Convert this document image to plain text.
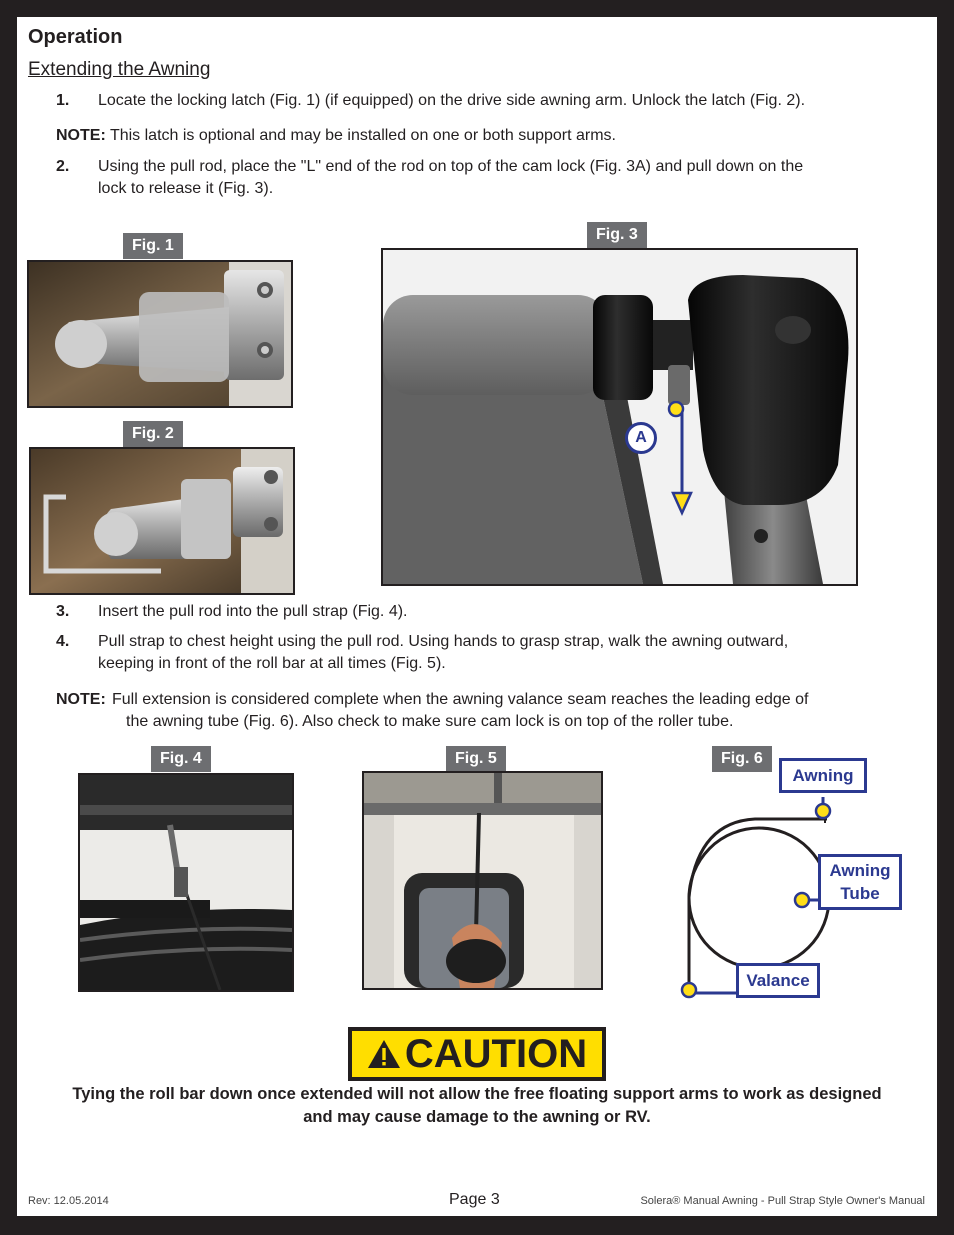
Operation
Extending the Awning
1. Locate the locking latch (Fig. 1) (if equipped) on the drive side awning arm. Unlock the latch (Fig. 2).
NOTE: This latch is optional and may be installed on one or both support arms.
2. Using the pull rod, place the "L" end of the rod on top of the cam lock (Fig. 3A) and pull down on the
lock to release it (Fig. 3).
Fig. 1
Fig. 2
Fig. 3
A
3. Insert the pull rod into the pull strap (Fig. 4).
4. Pull strap to chest height using the pull rod. Using hands to grasp strap, walk the awning outward,
keeping in front of the roll bar at all times (Fig. 5).
NOTE: Full extension is considered complete when the awning valance seam reaches the leading edge of
the awning tube (Fig. 6). Also check to make sure cam lock is on top of the roller tube.
Fig. 4	Fig. 5	Fig. 6
Awning
Awning
Tube
Valance
CAUTION
Tying the roll bar down once extended will not allow the free floating support arms to work as designed
and may cause damage to the awning or RV.
Rev: 12.05.2014	Page 3	Solera® Manual Awning - Pull Strap Style Owner's Manual
